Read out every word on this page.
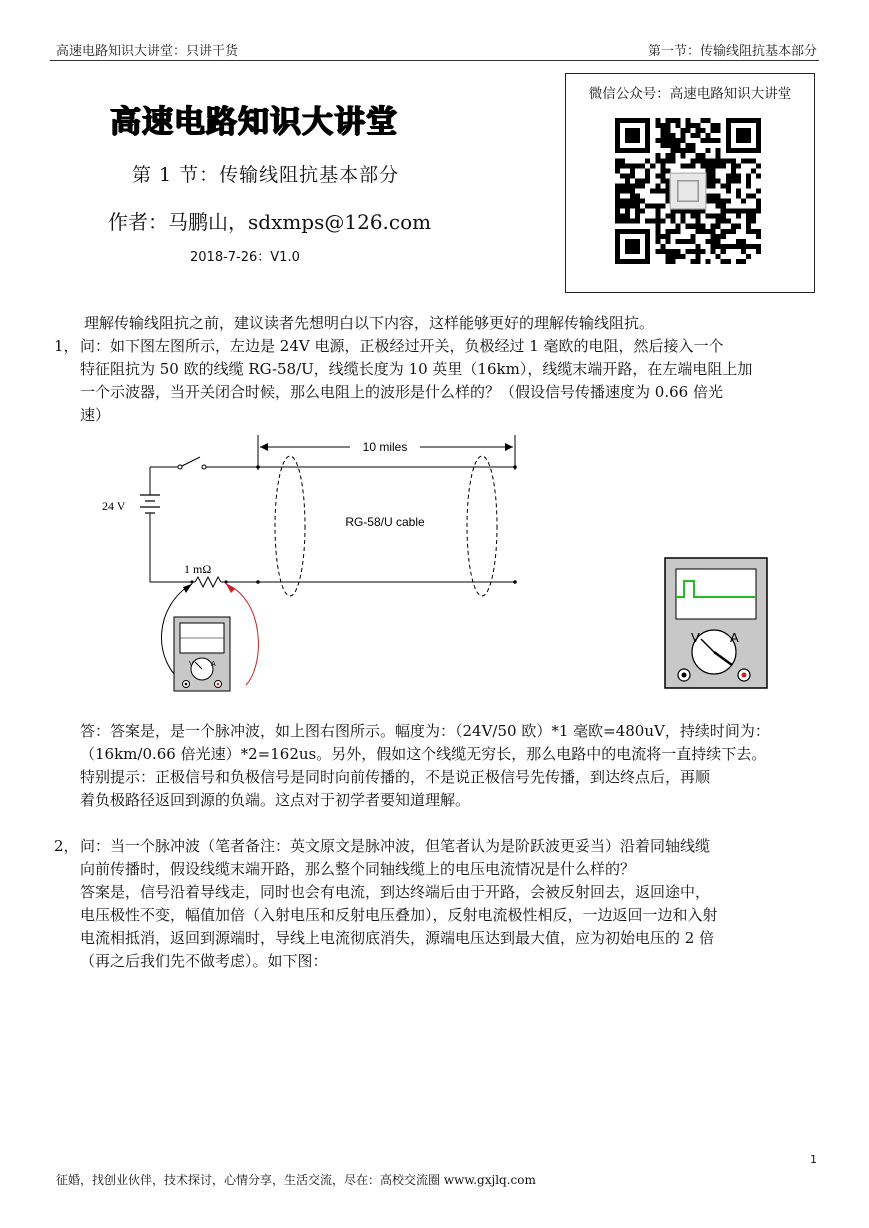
高速电路知识大讲堂：只讲干货	第一节：传输线阻抗基本部分
高速电路知识大讲堂
第 1 节：传输线阻抗基本部分
作者：马鹏山，sdxmps@126.com
2018-7-26：V1.0
微信公众号：高速电路知识大讲堂
理解传输线阻抗之前，建议读者先想明白以下内容，这样能够更好的理解传输线阻抗。
1， 问：如下图左图所示，左边是 24V 电源，正极经过开关，负极经过 1 毫欧的电阻，然后接入一个
特征阻抗为 50 欧的线缆 RG-58/U，线缆长度为 10 英里（16km），线缆末端开路，在左端电阻上加
一个示波器，当开关闭合时候，那么电阻上的波形是什么样的？（假设信号传播速度为 0.66 倍光
速）
10 miles
24 V
1 mΩ
RG-58/U cable
V A
V A
答：答案是，是一个脉冲波，如上图右图所示。幅度为：（24V/50 欧）*1 毫欧=480uV，持续时间为：
（16km/0.66 倍光速）*2=162us。另外，假如这个线缆无穷长，那么电路中的电流将一直持续下去。
特别提示：正极信号和负极信号是同时向前传播的，不是说正极信号先传播，到达终点后，再顺
着负极路径返回到源的负端。这点对于初学者要知道理解。
2， 问：当一个脉冲波（笔者备注：英文原文是脉冲波，但笔者认为是阶跃波更妥当）沿着同轴线缆
向前传播时，假设线缆末端开路，那么整个同轴线缆上的电压电流情况是什么样的？
答案是，信号沿着导线走，同时也会有电流，到达终端后由于开路，会被反射回去，返回途中，
电压极性不变，幅值加倍（入射电压和反射电压叠加），反射电流极性相反，一边返回一边和入射
电流相抵消，返回到源端时，导线上电流彻底消失，源端电压达到最大值，应为初始电压的 2 倍
（再之后我们先不做考虑）。如下图：
1
征婚，找创业伙伴，技术探讨，心情分享，生活交流，尽在：高校交流圈 www.gxjlq.com
